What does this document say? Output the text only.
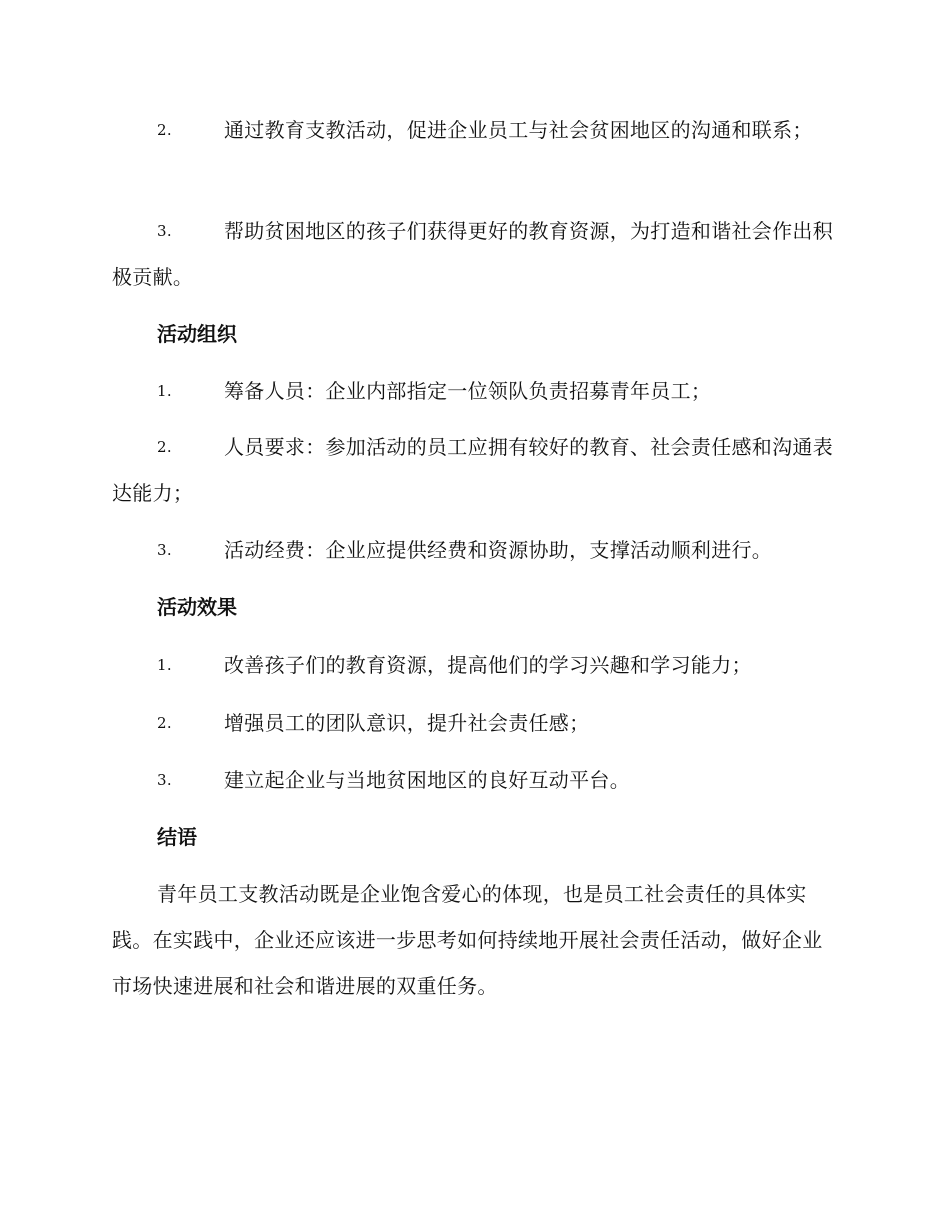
2.	通过教育支教活动，促进企业员工与社会贫困地区的沟通和联系；
3.	帮助贫困地区的孩子们获得更好的教育资源，为打造和谐社会作出积极贡献。
活动组织
1.	筹备人员：企业内部指定一位领队负责招募青年员工；
2.	人员要求：参加活动的员工应拥有较好的教育、社会责任感和沟通表达能力；
3.	活动经费：企业应提供经费和资源协助，支撑活动顺利进行。
活动效果
1.	改善孩子们的教育资源，提高他们的学习兴趣和学习能力；
2.	增强员工的团队意识，提升社会责任感；
3.	建立起企业与当地贫困地区的良好互动平台。
结语
青年员工支教活动既是企业饱含爱心的体现，也是员工社会责任的具体实践。在实践中，企业还应该进一步思考如何持续地开展社会责任活动，做好企业市场快速进展和社会和谐进展的双重任务。
